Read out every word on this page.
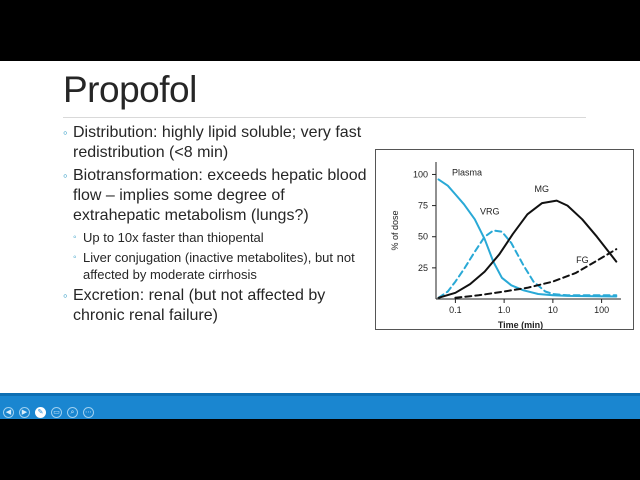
Propofol
◦ Distribution: highly lipid soluble; very fast redistribution (<8 min)
◦ Biotransformation: exceeds hepatic blood flow – implies some degree of extrahepatic metabolism (lungs?)
◦ Up to 10x faster than thiopental
◦ Liver conjugation (inactive metabolites), but not affected by moderate cirrhosis
◦ Excretion: renal (but not affected by chronic renal failure)
25
50
75
100
0.1	1.0	10	100
Time (min)
% of dose
Plasma
VRG
MG
FG
◀	▶	✎	▭	⌕	⋯
